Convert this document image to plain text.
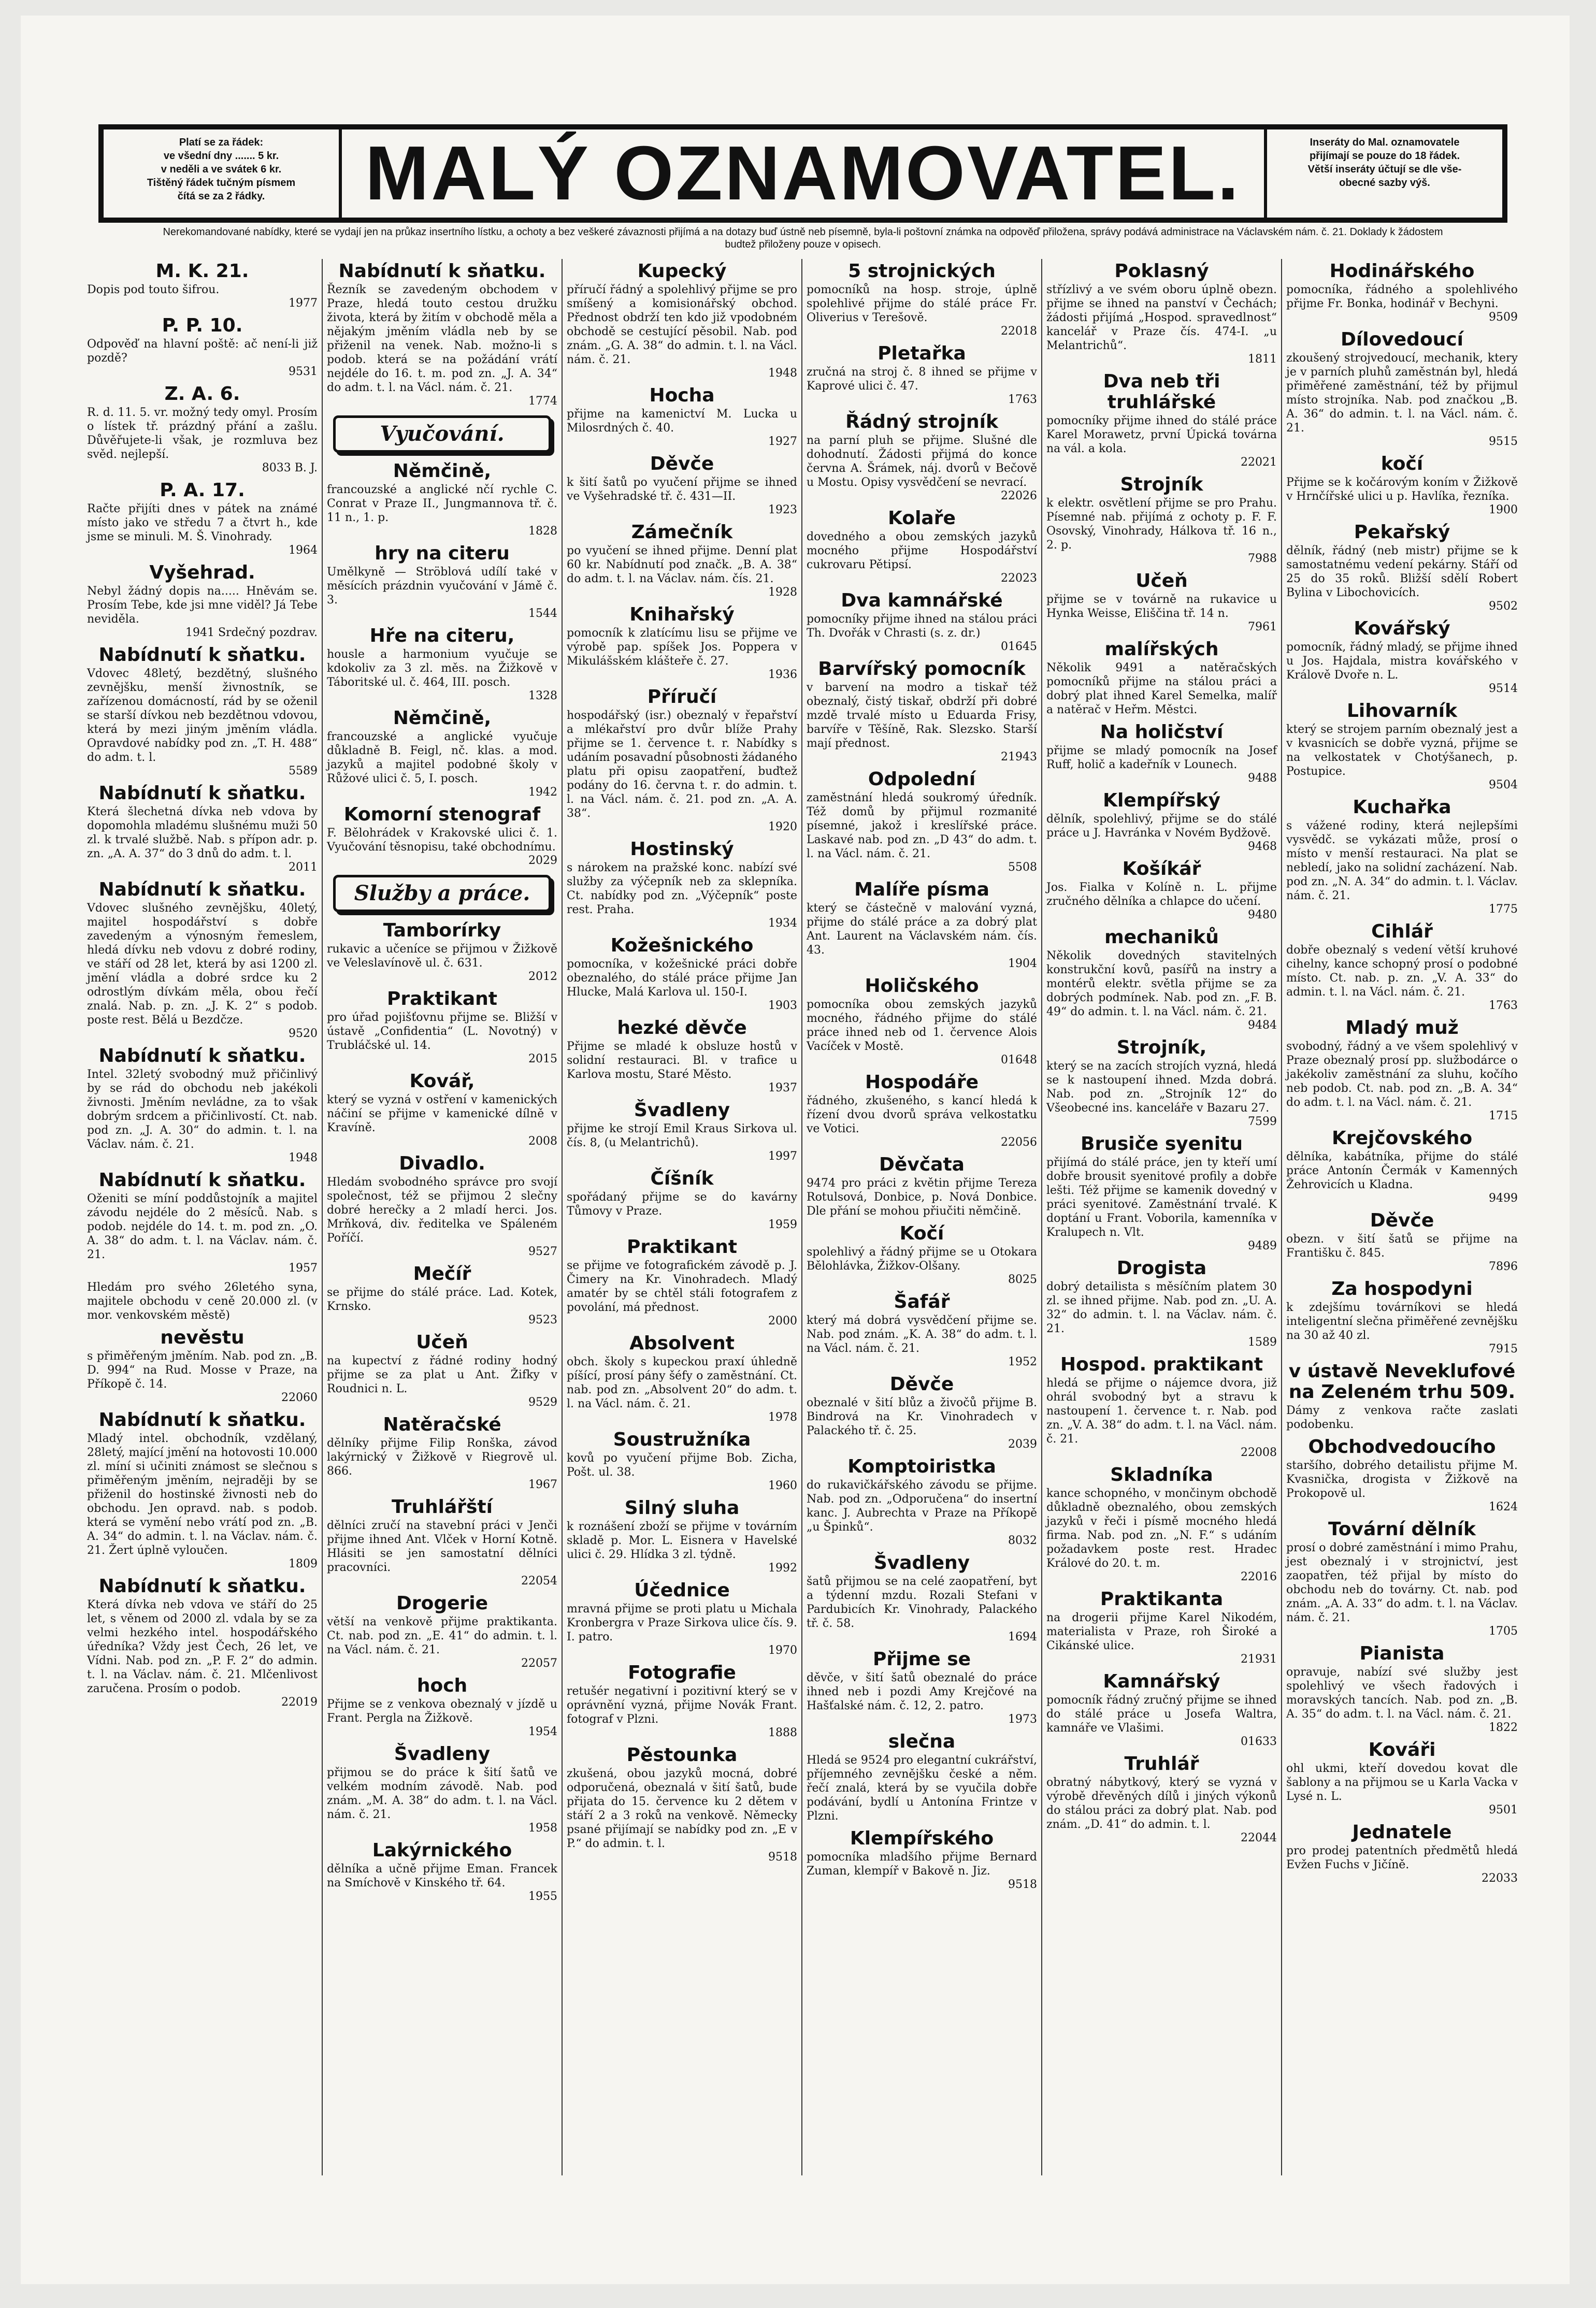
Platí se za řádek:
ve všední dny ....... 5 kr.
v neděli a ve svátek 6 kr.
Tištěný řádek tučným písmem
čítá se za 2 řádky.	MALÝ OZNAMOVATEL.	Inseráty do Mal. oznamovatele
přijímají se pouze do 18 řádek.
Větší inseráty účtují se dle vše-
obecné sazby výš.
Nerekomandované nabídky, které se vydají jen na průkaz insertního lístku, a ochoty a bez veškeré závaznosti přijímá a na dotazy buď ústně neb písemně, byla-li poštovní známka na odpověď přiložena, správy podává administrace na Václavském nám. č. 21. Doklady k žádostem budtež přiloženy pouze v opisech.
M. K. 21.

Dopis pod touto šifrou.

1977

P. P. 10.

Odpověď na hlavní poště: ač není-li již pozdě?

9531

Z. A. 6.

R. d. 11. 5. vr. možný tedy omyl. Prosím o lístek tř. prázdný přání a zašlu. Důvěřujete-li však, je rozmluva bez svěd. nejlepší.

8033 B. J.

P. A. 17.

Račte přijíti dnes v pátek na známé místo jako ve středu 7 a čtvrt h., kde jsme se minuli. M. Š. Vinohrady.

1964

Vyšehrad.

Nebyl žádný dopis na..... Hněvám se. Prosím Tebe, kde jsi mne viděl? Já Tebe neviděla.

1941 Srdečný pozdrav.

Nabídnutí k sňatku.

Vdovec 48letý, bezdětný, slušného zevnějšku, menší živnostník, se zařízenou domácností, rád by se oženil se starší dívkou neb bezdětnou vdovou, která by mezi jiným jměním vládla. Opravdové nabídky pod zn. „T. H. 488“ do adm. t. l.

5589

Nabídnutí k sňatku.

Která šlechetná dívka neb vdova by dopomohla mladému slušnému muži 50 zl. k trvalé službě. Nab. s přípon adr. p. zn. „A. A. 37“ do 3 dnů do adm. t. l.

2011

Nabídnutí k sňatku.

Vdovec slušného zevnějšku, 40letý, majitel hospodářství s dobře zavedeným a výnosným řemeslem, hledá dívku neb vdovu z dobré rodiny, ve stáří od 28 let, která by asi 1200 zl. jmění vládla a dobré srdce ku 2 odrostlým dívkám měla, obou řečí znalá. Nab. p. zn. „J. K. 2“ s podob. poste rest. Bělá u Bezdčze.

9520

Nabídnutí k sňatku.

Intel. 32letý svobodný muž přičinlivý by se rád do obchodu neb jakékoli živnosti. Jměním nevládne, za to však dobrým srdcem a přičinlivostí. Ct. nab. pod zn. „J. A. 30“ do admin. t. l. na Václav. nám. č. 21.

1948

Nabídnutí k sňatku.

Oženiti se míní poddůstojník a majitel závodu nejdéle do 2 měsíců. Nab. s podob. nejdéle do 14. t. m. pod zn. „O. A. 38“ do adm. t. l. na Václav. nám. č. 21.

1957

Hledám pro svého 26letého syna, majitele obchodu v ceně 20.000 zl. (v mor. venkovském městě)

nevěstu

s přiměřeným jměním. Nab. pod zn. „B. D. 994“ na Rud. Mosse v Praze, na Příkopě č. 14.

22060

Nabídnutí k sňatku.

Mladý intel. obchodník, vzdělaný, 28letý, mající jmění na hotovosti 10.000 zl. míní si učiniti známost se slečnou s přiměřeným jměním, nejraději by se přiženil do hostinské živnosti neb do obchodu. Jen opravd. nab. s podob. která se vymění nebo vrátí pod zn. „B. A. 34“ do admin. t. l. na Václav. nám. č. 21. Žert úplně vyloučen.

1809

Nabídnutí k sňatku.

Která dívka neb vdova ve stáří do 25 let, s věnem od 2000 zl. vdala by se za velmi hezkého intel. hospodářského úředníka? Vždy jest Čech, 26 let, ve Vídni. Nab. pod zn. „P. F. 2“ do admin. t. l. na Václav. nám. č. 21. Mlčenlivost zaručena. Prosím o podob.

22019

Nabídnutí k sňatku.

Řezník se zavedeným obchodem v Praze, hledá touto cestou družku života, která by žitím v obchodě měla a nějakým jměním vládla neb by se přiženil na venek. Nab. možno-li s podob. která se na požádání vrátí nejdéle do 16. t. m. pod zn. „J. A. 34“ do adm. t. l. na Václ. nám. č. 21.

1774

Vyučování.
Němčině,

francouzské a anglické nčí rychle C. Conrat v Praze II., Jungmannova tř. č. 11 n., 1. p.

1828

hry na citeru

Umělkyně — Ströblová udílí také v měsících prázdnin vyučování v Jámě č. 3.

1544

Hře na citeru,

housle a harmonium vyučuje se kdokoliv za 3 zl. měs. na Žižkově v Táboritské ul. č. 464, III. posch.

1328

Němčině,

francouzské a anglické vyučuje důkladně B. Feigl, nč. klas. a mod. jazyků a majitel podobné školy v Růžové ulici č. 5, I. posch.

1942

Komorní stenograf

F. Bělohrádek v Krakovské ulici č. 1. Vyučování těsnopisu, také obchodnímu.

2029

Služby a práce.
Tamborírky

rukavic a učeníce se přijmou v Žižkově ve Veleslavínově ul. č. 631.

2012

Praktikant

pro úřad pojišťovnu přijme se. Bližší v ústavě „Confidentia“ (L. Novotný) v Trubláčské ul. 14.

2015

Kovář,

který se vyzná v ostření v kamenických náčiní se přijme v kamenické dílně v Kravíně.

2008

Divadlo.

Hledám svobodného správce pro svojí společnost, též se přijmou 2 slečny dobré herečky a 2 mladí herci. Jos. Mrňková, div. ředitelka ve Spáleném Poříčí.

9527

Mečíř

se přijme do stálé práce. Lad. Kotek, Krnsko.

9523

Učeň

na kupectví z řádné rodiny hodný přijme se za plat u Ant. Žifky v Roudnici n. L.

9529

Natěračské

dělníky přijme Filip Ronška, závod lakýrnický v Žižkově v Riegrově ul. 866.

1967

Truhlářští

dělníci zručí na stavební práci v Jenči přijme ihned Ant. Vlček v Horní Kotně. Hlásiti se jen samostatní dělníci pracovníci.

22054

Drogerie

větší na venkově přijme praktikanta. Ct. nab. pod zn. „E. 41“ do admin. t. l. na Václ. nám. č. 21.

22057

hoch

Přijme se z venkova obeznalý v jízdě u Frant. Pergla na Žižkově.

1954

Švadleny

přijmou se do práce k šití šatů ve velkém modním závodě. Nab. pod znám. „M. A. 38“ do adm. t. l. na Václ. nám. č. 21.

1958

Lakýrnického

dělníka a učně přijme Eman. Francek na Smíchově v Kinského tř. 64.

1955

Kupecký

příručí řádný a spolehlivý přijme se pro smíšený a komisionářský obchod. Přednost obdrží ten kdo již vpodobném obchodě se cestující pěsobil. Nab. pod znám. „G. A. 38“ do admin. t. l. na Václ. nám. č. 21.

1948

Hocha

přijme na kamenictví M. Lucka u Milosrdných č. 40.

1927

Děvče

k šití šatů po vyučení přijme se ihned ve Vyšehradské tř. č. 431—II.

1923

Zámečník

po vyučení se ihned přijme. Denní plat 60 kr. Nabídnutí pod značk. „B. A. 38“ do adm. t. l. na Václav. nám. čís. 21.

1928

Knihařský

pomocník k zlatícímu lisu se přijme ve výrobě pap. spíšek Jos. Poppera v Mikulášském klášteře č. 27.

1936

Příručí

hospodářský (isr.) obeznalý v řepařství a mlékařství pro dvůr blíže Prahy přijme se 1. července t. r. Nabídky s udáním posavadní působnosti žádaného platu při opisu zaopatření, buďtež podány do 16. června t. r. do admin. t. l. na Václ. nám. č. 21. pod zn. „A. A. 38“.

1920

Hostinský

s nárokem na pražské konc. nabízí své služby za výčepník neb za sklepníka. Ct. nabídky pod zn. „Výčepník“ poste rest. Praha.

1934

Kožešnického

pomocníka, v kožešnické práci dobře obeznalého, do stálé práce přijme Jan Hlucke, Malá Karlova ul. 150-I.

1903

hezké děvče

Přijme se mladé k obsluze hostů v solidní restauraci. Bl. v trafice u Karlova mostu, Staré Město.

1937

Švadleny

přijme ke strojí Emil Kraus Sirkova ul. čís. 8, (u Melantrichů).

1997

Číšník

spořádaný přijme se do kavárny Tůmovy v Praze.

1959

Praktikant

se přijme ve fotografickém závodě p. J. Čimery na Kr. Vinohradech. Mladý amatér by se chtěl stáli fotografem z povolání, má přednost.

2000

Absolvent

obch. školy s kupeckou praxí úhledně píšící, prosí pány šéfy o zaměstnání. Ct. nab. pod zn. „Absolvent 20“ do adm. t. l. na Václ. nám. č. 21.

1978

Soustružníka

kovů po vyučení přijme Bob. Zicha, Pošt. ul. 38.

1960

Silný sluha

k roznášení zboží se přijme v továrním skladě p. Mor. L. Eisnera v Havelské ulici č. 29. Hlídka 3 zl. týdně.

1992

Účednice

mravná přijme se proti platu u Michala Kronbergra v Praze Sirkova ulice čís. 9. I. patro.

1970

Fotografie

retušér negativní i pozitivní který se v oprávnění vyzná, přijme Novák Frant. fotograf v Plzni.

1888

Pěstounka

zkušená, obou jazyků mocná, dobré odporučená, obeznalá v šití šatů, bude přijata do 15. července ku 2 dětem v stáří 2 a 3 roků na venkově. Německy psané přijímají se nabídky pod zn. „E v P.“ do admin. t. l.

9518

5 strojnických

pomocníků na hosp. stroje, úplně spolehlivé přijme do stálé práce Fr. Oliverius v Terešově.

22018

Pletařka

zručná na stroj č. 8 ihned se přijme v Kaprové ulici č. 47.

1763

Řádný strojník

na parní pluh se přijme. Slušné dle dohodnutí. Žádosti přijmá do konce června A. Šrámek, náj. dvorů v Bečově u Mostu. Opisy vysvědčení se nevrací.

22026

Kolaře

dovedného a obou zemských jazyků mocného přijme Hospodářství cukrovaru Pětipsí.

22023

Dva kamnářské

pomocníky přijme ihned na stálou práci Th. Dvořák v Chrasti (s. z. dr.)

01645

Barvířský pomocník

v barvení na modro a tiskař též obeznalý, čistý tiskař, obdrží při dobré mzdě trvalé místo u Eduarda Frisy, barvíře v Těšíně, Rak. Slezsko. Starší mají přednost.

21943

Odpolední

zaměstnání hledá soukromý úředník. Též domů by přijmul rozmanité písemné, jakož i kreslířské práce. Laskavé nab. pod zn. „D 43“ do adm. t. l. na Václ. nám. č. 21.

5508

Malíře písma

který se částečně v malování vyzná, přijme do stálé práce a za dobrý plat Ant. Laurent na Václavském nám. čís. 43.

1904

Holičského

pomocníka obou zemských jazyků mocného, řádného přijme do stálé práce ihned neb od 1. července Alois Vacíček v Mostě.

01648

Hospodáře

řádného, zkušeného, s kancí hledá k řízení dvou dvorů správa velkostatku ve Votici.

22056

Děvčata

9474 pro práci z květin přijme Tereza Rotulsová, Donbice, p. Nová Donbice. Dle přání se mohou přiučiti němčině.

Kočí

spolehlivý a řádný přijme se u Otokara Bělohlávka, Žižkov-Olšany.

8025

Šafář

který má dobrá vysvědčení přijme se. Nab. pod znám. „K. A. 38“ do adm. t. l. na Václ. nám. č. 21.

1952

Děvče

obeznalé v šití blůz a živočů přijme B. Bindrová na Kr. Vinohradech v Palackého tř. č. 25.

2039

Komptoiristka

do rukavičkářského závodu se přijme. Nab. pod zn. „Odporučena“ do insertní kanc. J. Aubrechta v Praze na Příkopě „u Špinků“.

8032

Švadleny

šatů přijmou se na celé zaopatření, byt a týdenní mzdu. Rozali Stefani v Pardubicích Kr. Vinohrady, Palackého tř. č. 58.

1694

Přijme se

děvče, v šití šatů obeznalé do práce ihned neb i pozdi Amy Krejčové na Hašťalské nám. č. 12, 2. patro.

1973

slečna

Hledá se 9524 pro elegantní cukrářství, příjemného zevnějšku české a něm. řečí znalá, která by se vyučila dobře podávání, bydlí u Antonína Frintze v Plzni.

Klempířského

pomocníka mladšího přijme Bernard Zuman, klempíř v Bakově n. Jiz.

9518

Poklasný

střízlivý a ve svém oboru úplně obezn. přijme se ihned na panství v Čechách; žádosti přijímá „Hospod. spravedlnost“ kancelář v Praze čís. 474-I. „u Melantrichů“.

1811

Dva neb tři truhlářské

pomocníky přijme ihned do stálé práce Karel Morawetz, první Úpická továrna na vál. a kola.

22021

Strojník

k elektr. osvětlení přijme se pro Prahu. Písemné nab. přijímá z ochoty p. F. F. Osovský, Vinohrady, Hálkova tř. 16 n., 2. p.

7988

Učeň

přijme se v továrně na rukavice u Hynka Weisse, Eliščina tř. 14 n.

7961

malířských

Několik 9491 a natěračských pomocníků přijme na stálou práci a dobrý plat ihned Karel Semelka, malíř a natěrač v Heřm. Městci.

Na holičství

přijme se mladý pomocník na Josef Ruff, holič a kadeřník v Lounech.

9488

Klempířský

dělník, spolehlivý, přijme se do stálé práce u J. Havránka v Novém Bydžově.

9468

Košíkář

Jos. Fialka v Kolíně n. L. přijme zručného dělníka a chlapce do učení.

9480

mechaniků

Několik dovedných stavitelných konstrukční kovů, pasířů na instry a montérů elektr. světla přijme se za dobrých podmínek. Nab. pod zn. „F. B. 49“ do admin. t. l. na Václ. nám. č. 21.

9484

Strojník,

který se na zacích strojích vyzná, hledá se k nastoupení ihned. Mzda dobrá. Nab. pod zn. „Strojník 12“ do Všeobecné ins. kanceláře v Bazaru 27.

7599

Brusiče syenitu

přijímá do stálé práce, jen ty kteří umí dobře brousit syenitové profily a dobře lešti. Též přijme se kamenik dovedný v práci syenitové. Zaměstnání trvalé. K doptání u Frant. Voborila, kamenníka v Kralupech n. Vlt.

9489

Drogista

dobrý detailista s měsíčním platem 30 zl. se ihned přijme. Nab. pod zn. „U. A. 32“ do admin. t. l. na Václav. nám. č. 21.

1589

Hospod. praktikant

hledá se přijme o nájemce dvora, již ohrál svobodný byt a stravu k nastoupení 1. července t. r. Nab. pod zn. „V. A. 38“ do adm. t. l. na Václ. nám. č. 21.

22008

Skladníka

kance schopného, v mončinym obchodě důkladně obeznalého, obou zemských jazyků v řeči i písmě mocného hledá firma. Nab. pod zn. „N. F.“ s udáním požadavkem poste rest. Hradec Králové do 20. t. m.

22016

Praktikanta

na drogerii přijme Karel Nikodém, materialista v Praze, roh Široké a Cikánské ulice.

21931

Kamnářský

pomocník řádný zručný přijme se ihned do stálé práce u Josefa Waltra, kamnáře ve Vlašimi.

01633

Truhlář

obratný nábytkový, který se vyzná v výrobě dřevěných dílů i jiných výkonů do stálou práci za dobrý plat. Nab. pod znám. „D. 41“ do admin. t. l.

22044

Hodinářského

pomocníka, řádného a spolehlivého přijme Fr. Bonka, hodinář v Bechyni.

9509

Dílovedoucí

zkoušený strojvedoucí, mechanik, ktery je v parních pluhů zaměstnán byl, hledá přiměřené zaměstnání, též by přijmul místo strojníka. Nab. pod značkou „B. A. 36“ do admin. t. l. na Václ. nám. č. 21.

9515

kočí

Přijme se k kočárovým koním v Žižkově v Hrnčířské ulici u p. Havlíka, řezníka.

1900

Pekařský

dělník, řádný (neb mistr) přijme se k samostatnému vedení pekárny. Stáří od 25 do 35 roků. Bližší sdělí Robert Bylina v Libochovicích.

9502

Kovářský

pomocník, řádný mladý, se přijme ihned u Jos. Hajdala, mistra kovářského v Králově Dvoře n. L.

9514

Lihovarník

který se strojem parním obeznalý jest a v kvasnicích se dobře vyzná, přijme se na velkostatek v Chotýšanech, p. Postupice.

9504

Kuchařka

s vážené rodiny, která nejlepšími vysvědč. se vykázati může, prosí o místo v menší restauraci. Na plat se nebledí, jako na solidní zacházení. Nab. pod zn. „N. A. 34“ do admin. t. l. Václav. nám. č. 21.

1775

Cihlář

dobře obeznalý s vedení větší kruhové cihelny, kance schopný prosí o podobné místo. Ct. nab. p. zn. „V. A. 33“ do admin. t. l. na Václ. nám. č. 21.

1763

Mladý muž

svobodný, řádný a ve všem spolehlivý v Praze obeznalý prosí pp. službodárce o jakékoliv zaměstnání za sluhu, kočího neb podob. Ct. nab. pod zn. „B. A. 34“ do adm. t. l. na Václ. nám. č. 21.

1715

Krejčovského

dělníka, kabátníka, přijme do stálé práce Antonín Čermák v Kamenných Žehrovicích u Kladna.

9499

Děvče

obezn. v šití šatů se přijme na Františku č. 845.

7896

Za hospodyni

k zdejšímu továrníkovi se hledá inteligentní slečna přiměřené zevnějšku na 30 až 40 zl.

7915

v ústavě Neveklufové na Zeleném trhu 509.

Dámy z venkova račte zaslati podobenku.

Obchodvedoucího

staršího, dobrého detailistu přijme M. Kvasnička, drogista v Žižkově na Prokopově ul.

1624

Tovární dělník

prosí o dobré zaměstnání i mimo Prahu, jest obeznalý i v strojnictví, jest zaopatřen, též přijal by místo do obchodu neb do továrny. Ct. nab. pod znám. „A. A. 33“ do adm. t. l. na Václav. nám. č. 21.

1705

Pianista

opravuje, nabízí své služby jest spolehlivý ve všech řadových i moravských tancích. Nab. pod zn. „B. A. 35“ do adm. t. l. na Václ. nám. č. 21.

1822

Kováři

ohl ukmi, kteří dovedou kovat dle šablony a na přijmou se u Karla Vacka v Lysé n. L.

9501

Jednatele

pro prodej patentních předmětů hledá Evžen Fuchs v Jičíně.

22033
